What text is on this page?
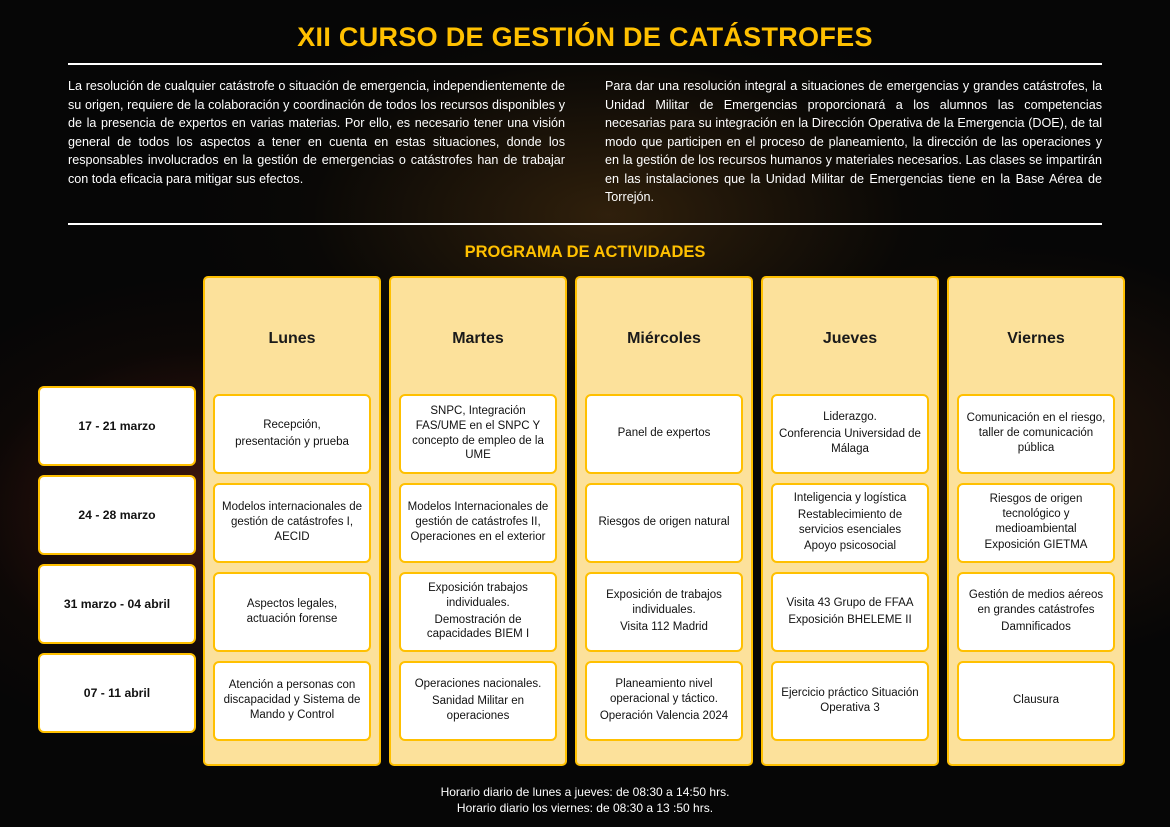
XII CURSO DE GESTIÓN DE CATÁSTROFES
La resolución de cualquier catástrofe o situación de emergencia, independientemente de su origen, requiere de la colaboración y coordinación de todos los recursos disponibles y de la presencia de expertos en varias materias. Por ello, es necesario tener una visión general de todos los aspectos a tener en cuenta en estas situaciones, donde los responsables involucrados en la gestión de emergencias o catástrofes han de trabajar con toda eficacia para mitigar sus efectos.
Para dar una resolución integral a situaciones de emergencias y grandes catástrofes, la Unidad Militar de Emergencias proporcionará a los alumnos las competencias necesarias para su integración en la Dirección Operativa de la Emergencia (DOE), de tal modo que participen en el proceso de planeamiento, la dirección de las operaciones y en la gestión de los recursos humanos y materiales necesarios. Las clases se impartirán en las instalaciones que la Unidad Militar de Emergencias tiene en la Base Aérea de Torrejón.
PROGRAMA DE ACTIVIDADES
17 - 21 marzo
24 - 28 marzo
31 marzo - 04 abril
07 - 11 abril
Lunes

Recepción,

presentación y prueba

Modelos internacionales de gestión de catástrofes I, AECID

Aspectos legales, actuación forense

Atención a personas con discapacidad y Sistema de Mando y Control

Martes

SNPC, Integración FAS/UME en el SNPC Y concepto de empleo de la UME

Modelos Internacionales de gestión de catástrofes II, Operaciones en el exterior

Exposición trabajos individuales.

Demostración de capacidades BIEM I

Operaciones nacionales.

Sanidad Militar en operaciones

Miércoles

Panel de expertos

Riesgos de origen natural

Exposición de trabajos individuales.

Visita 112 Madrid

Planeamiento nivel operacional y táctico.

Operación Valencia 2024

Jueves

Liderazgo.

Conferencia Universidad de Málaga

Inteligencia y logística

Restablecimiento de servicios esenciales

Apoyo psicosocial

Visita 43 Grupo de FFAA

Exposición BHELEME II

Ejercicio práctico Situación Operativa 3

Viernes

Comunicación en el riesgo, taller de comunicación pública

Riesgos de origen tecnológico y medioambiental

Exposición GIETMA

Gestión de medios aéreos en grandes catástrofes

Damnificados

Clausura

Horario diario de lunes a jueves: de 08:30 a 14:50 hrs.
Horario diario los viernes: de 08:30 a 13 :50 hrs.
